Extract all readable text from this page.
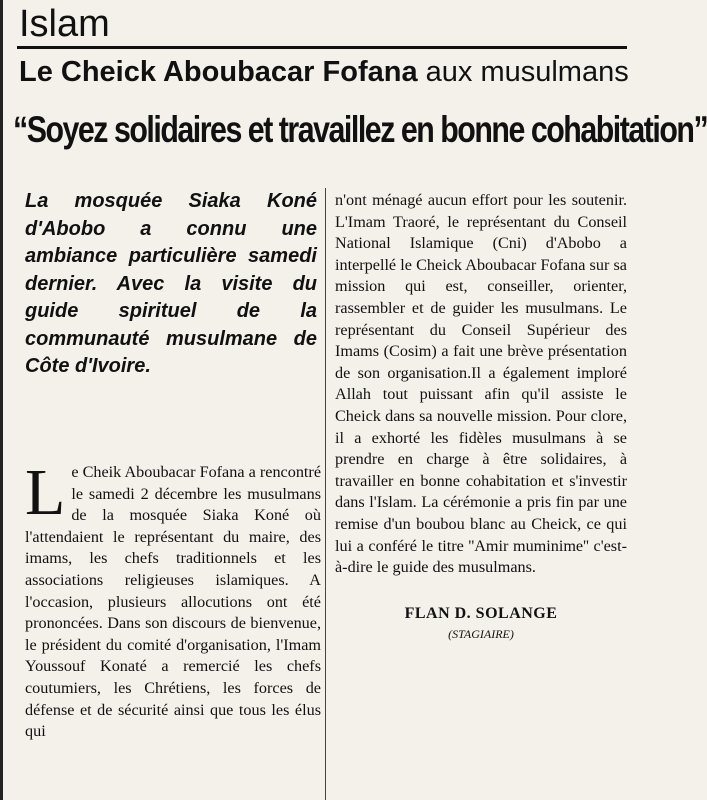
Islam
Le Cheick Aboubacar Fofana aux musulmans
“Soyez solidaires et travaillez en bonne cohabitation”

La mosquée Siaka Koné d'Abobo a connu une ambiance particulière samedi dernier. Avec la visite du guide spirituel de la communauté musulmane de Côte d'Ivoire.

Le Cheik Aboubacar Fofana a rencontré le samedi 2 décembre les musulmans de la mosquée Siaka Koné où l'attendaient le représentant du maire, des imams, les chefs traditionnels et les associations religieuses islamiques. A l'occasion, plusieurs allocutions ont été prononcées. Dans son discours de bienvenue, le président du comité d'organisation, l'Imam Youssouf Konaté a remercié les chefs coutumiers, les Chrétiens, les forces de défense et de sécurité ainsi que tous les élus qui

n'ont ménagé aucun effort pour les soutenir. L'Imam Traoré, le représentant du Conseil National Islamique (Cni) d'Abobo a interpellé le Cheick Aboubacar Fofana sur sa mission qui est, conseiller, orienter, rassembler et de guider les musulmans. Le représentant du Conseil Supérieur des Imams (Cosim) a fait une brève présentation de son organisation.Il a également imploré Allah tout puissant afin qu'il assiste le Cheick dans sa nouvelle mission. Pour clore, il a exhorté les fidèles musulmans à se prendre en charge à être solidaires, à travailler en bonne cohabitation et s'investir dans l'Islam. La cérémonie a pris fin par une remise d'un boubou blanc au Cheick, ce qui lui a conféré le titre ''Amir muminime'' c'est-à-dire le guide des musulmans.

FLAN D. SOLANGE
(STAGIAIRE)
